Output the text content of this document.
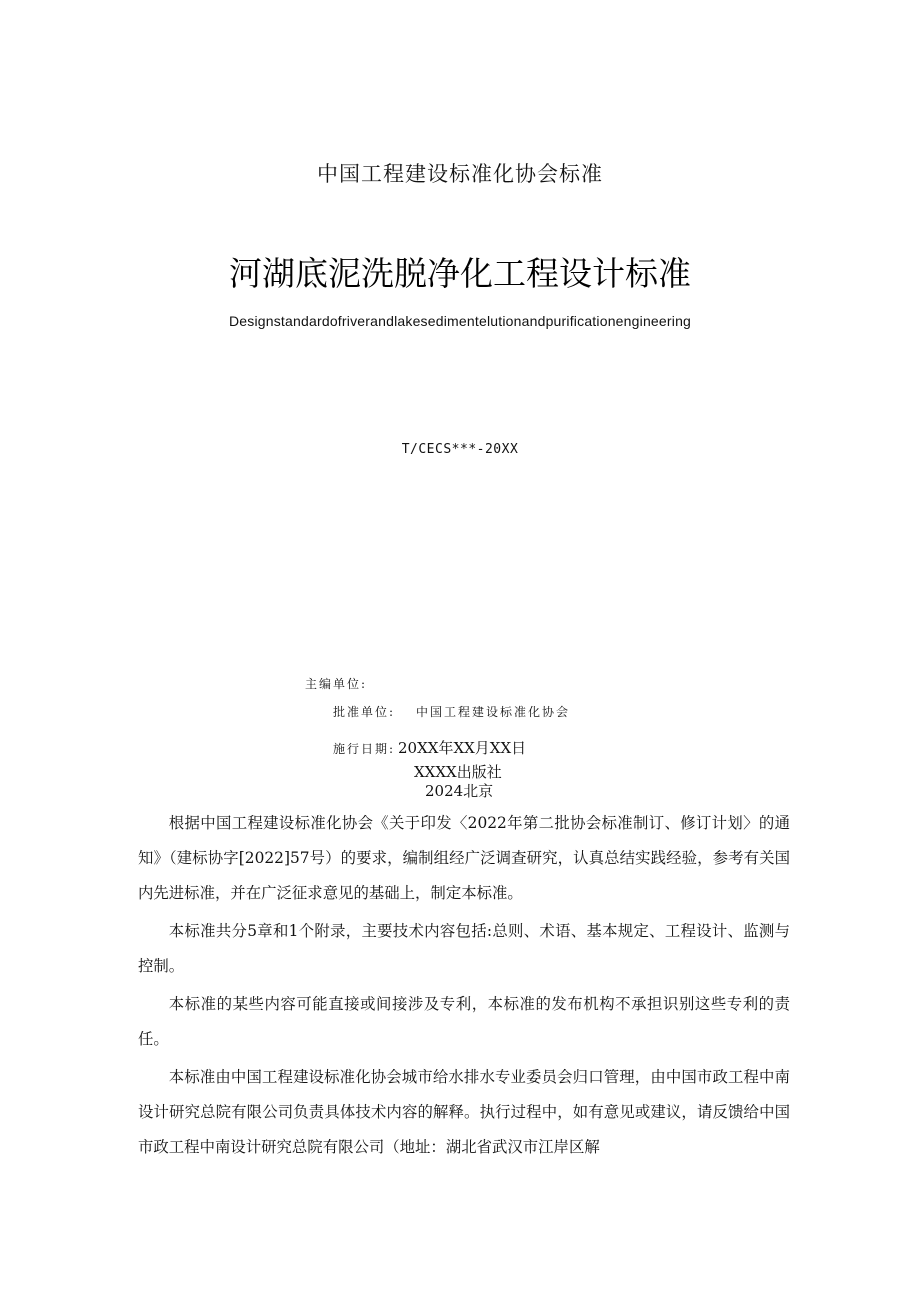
中国工程建设标准化协会标准
河湖底泥洗脱净化工程设计标准
Designstandardofriverandlakesedimentelutionandpurificationengineering
T/CECS***-20XX
主编单位:
批准单位: 中国工程建设标准化协会
施行日期: 20XX年XX月XX日
XXXX出版社
2024北京

根据中国工程建设标准化协会《关于印发〈2022年第二批协会标准制订、修订计划〉的通知》（建标协字[2022]57号）的要求，编制组经广泛调查研究，认真总结实践经验，参考有关国内先进标准，并在广泛征求意见的基础上，制定本标准。

本标准共分5章和1个附录，主要技术内容包括:总则、术语、基本规定、工程设计、监测与控制。

本标准的某些内容可能直接或间接涉及专利，本标准的发布机构不承担识别这些专利的责任。

本标准由中国工程建设标准化协会城市给水排水专业委员会归口管理，由中国市政工程中南设计研究总院有限公司负责具体技术内容的解释。执行过程中，如有意见或建议，请反馈给中国市政工程中南设计研究总院有限公司（地址：湖北省武汉市江岸区解
